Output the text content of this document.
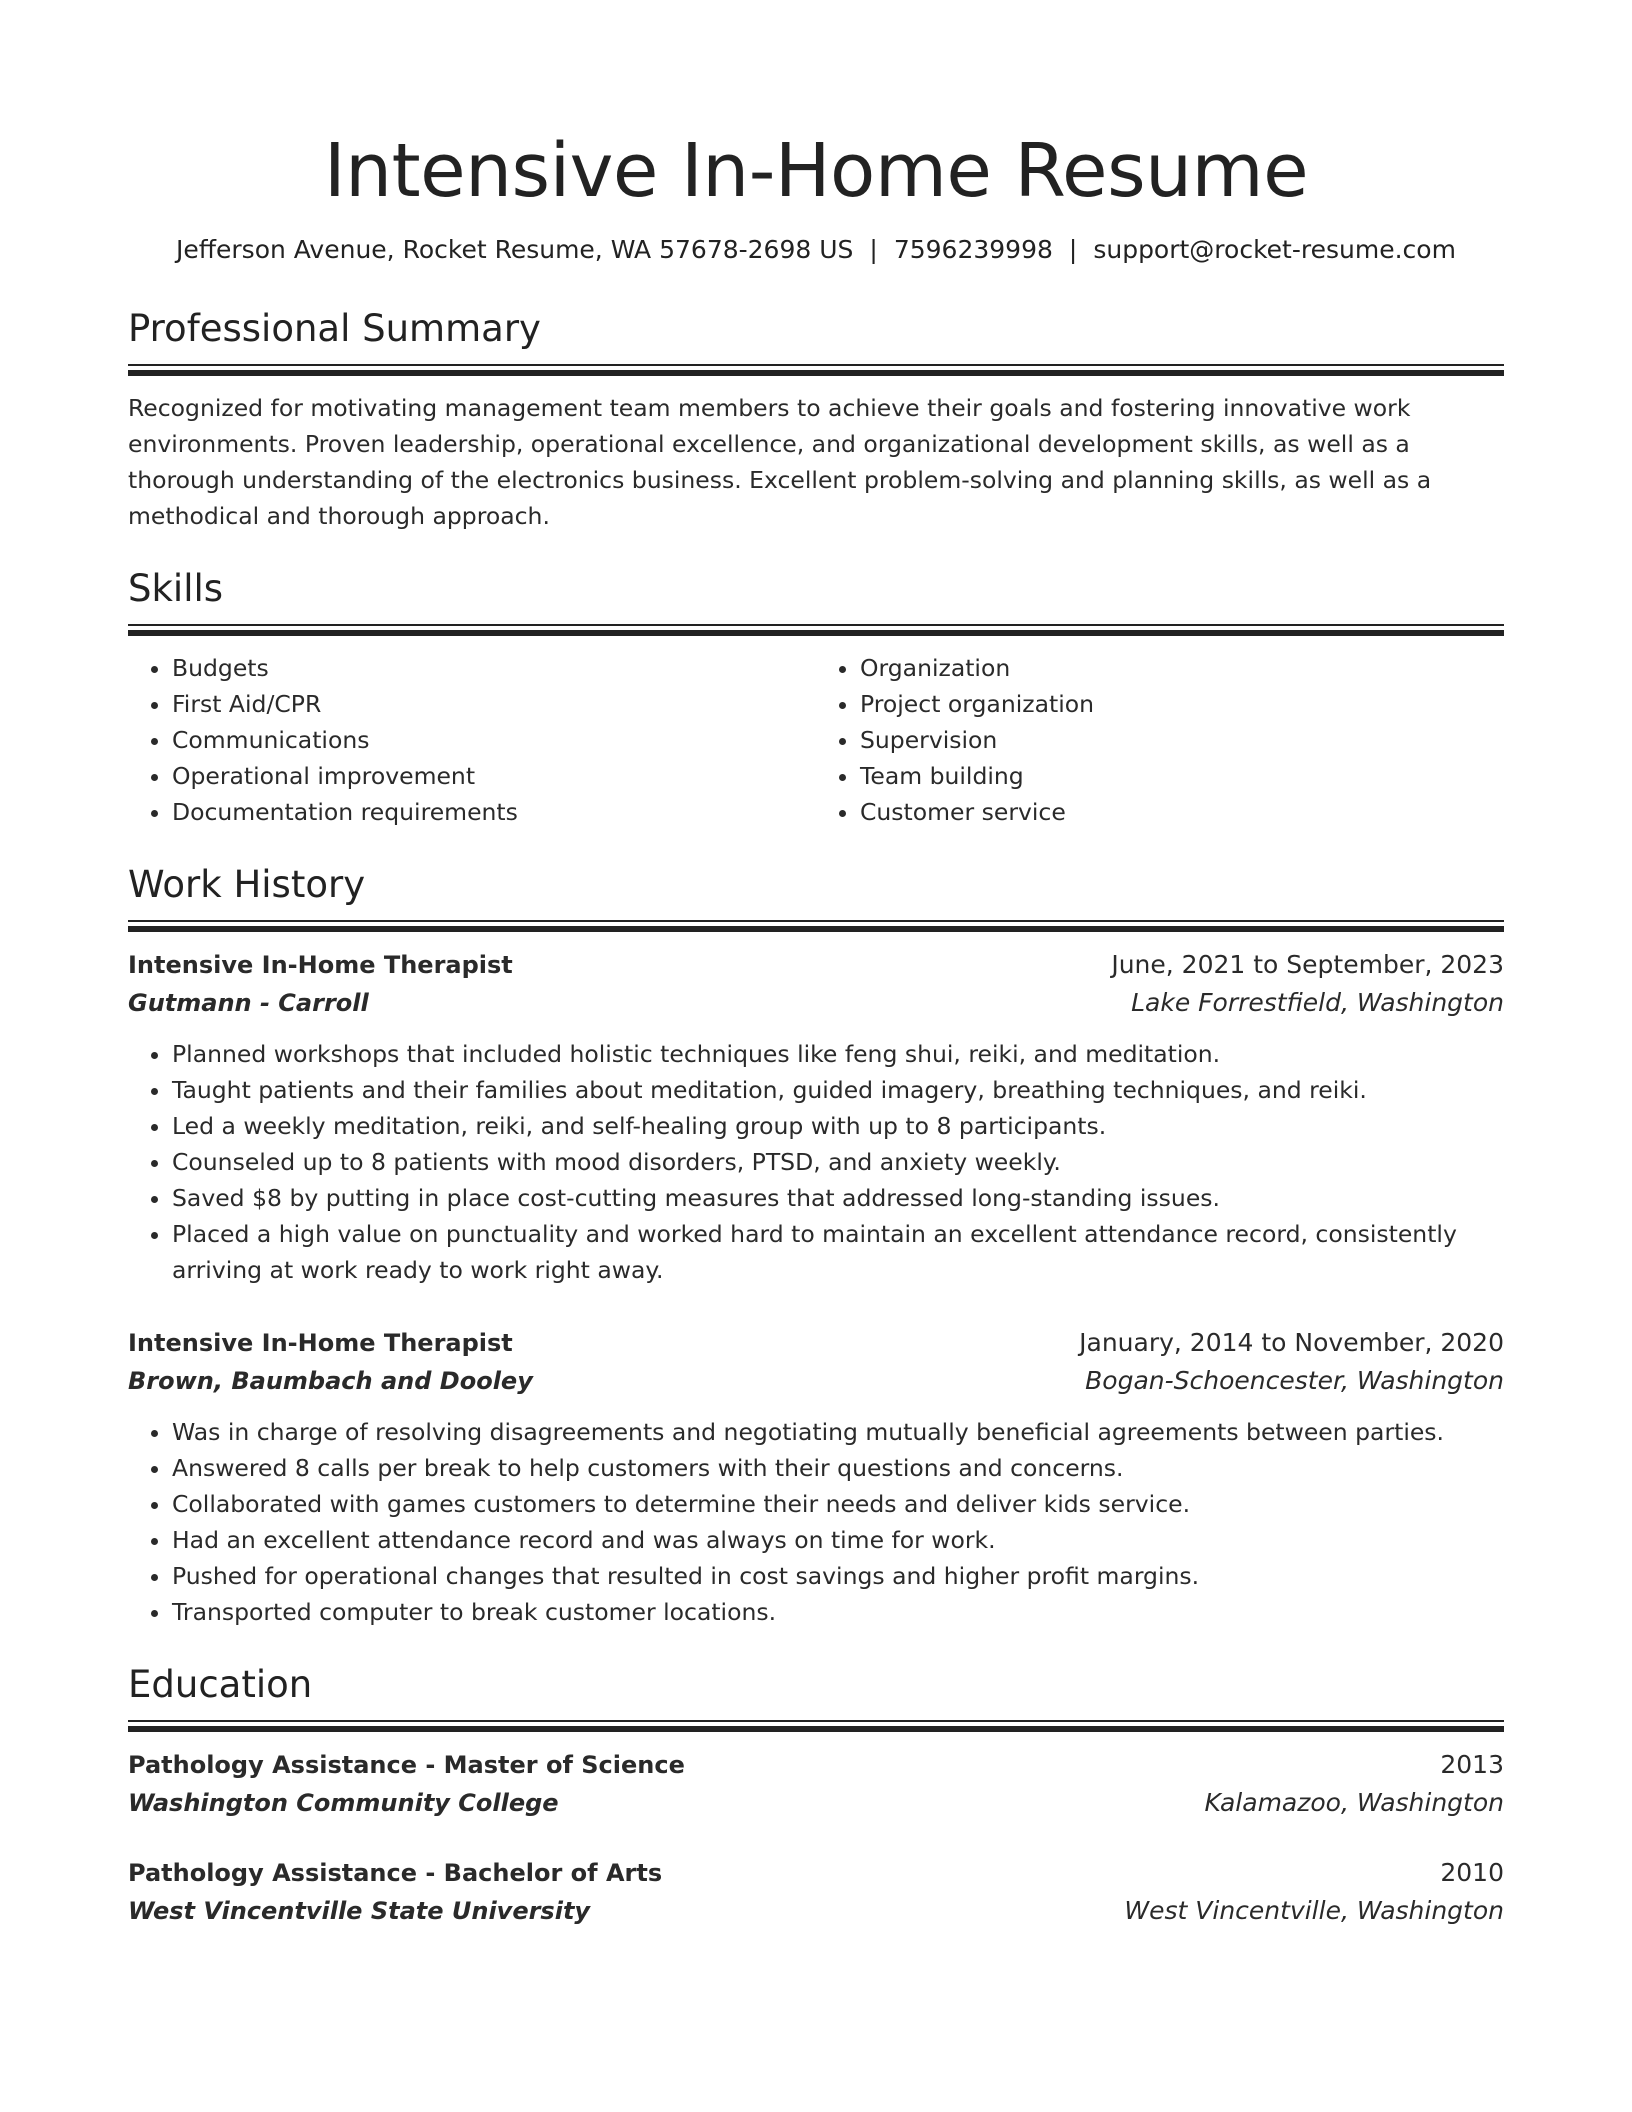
Intensive In-Home Resume
Jefferson Avenue, Rocket Resume, WA 57678-2698 US | 7596239998 | support@rocket-resume.com
Professional Summary
Recognized for motivating management team members to achieve their goals and fostering innovative work environments. Proven leadership, operational excellence, and organizational development skills, as well as a thorough understanding of the electronics business. Excellent problem-solving and planning skills, as well as a methodical and thorough approach.
Skills
• Budgets
• First Aid/CPR
• Communications
• Operational improvement
• Documentation requirements
• Organization
• Project organization
• Supervision
• Team building
• Customer service
Work History
Intensive In-Home Therapist	June, 2021 to September, 2023
Gutmann - Carroll	Lake Forrestfield, Washington
• Planned workshops that included holistic techniques like feng shui, reiki, and meditation.
• Taught patients and their families about meditation, guided imagery, breathing techniques, and reiki.
• Led a weekly meditation, reiki, and self-healing group with up to 8 participants.
• Counseled up to 8 patients with mood disorders, PTSD, and anxiety weekly.
• Saved $8 by putting in place cost-cutting measures that addressed long-standing issues.
• Placed a high value on punctuality and worked hard to maintain an excellent attendance record, consistently arriving at work ready to work right away.
Intensive In-Home Therapist	January, 2014 to November, 2020
Brown, Baumbach and Dooley	Bogan-Schoencester, Washington
• Was in charge of resolving disagreements and negotiating mutually beneficial agreements between parties.
• Answered 8 calls per break to help customers with their questions and concerns.
• Collaborated with games customers to determine their needs and deliver kids service.
• Had an excellent attendance record and was always on time for work.
• Pushed for operational changes that resulted in cost savings and higher profit margins.
• Transported computer to break customer locations.
Education
Pathology Assistance - Master of Science	2013
Washington Community College	Kalamazoo, Washington
Pathology Assistance - Bachelor of Arts	2010
West Vincentville State University	West Vincentville, Washington
